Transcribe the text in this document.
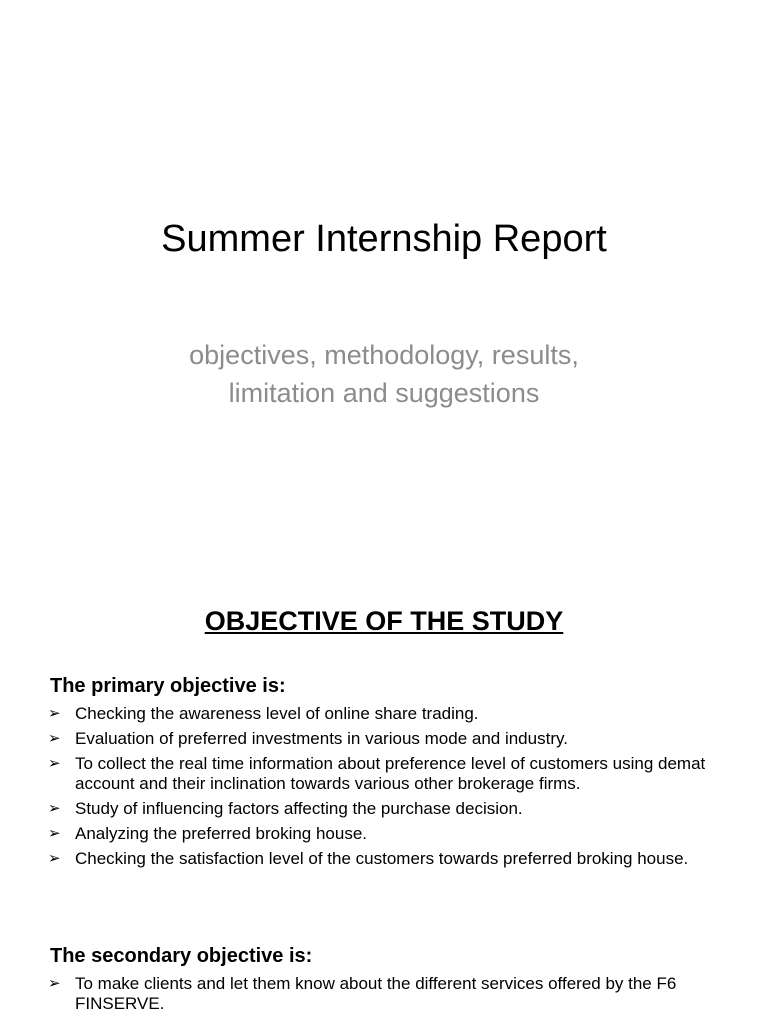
Summer Internship Report
objectives, methodology, results,
limitation and suggestions
OBJECTIVE OF THE STUDY
The primary objective is:
➢ Checking the awareness level of online share trading.
➢ Evaluation of preferred investments in various mode and industry.
➢ To collect the real time information about preference level of customers using demat account and their inclination towards various other brokerage firms.
➢ Study of influencing factors affecting the purchase decision.
➢ Analyzing the preferred broking house.
➢ Checking the satisfaction level of the customers towards preferred broking house.
The secondary objective is:
➢ To make clients and let them know about the different services offered by the F6 FINSERVE.
